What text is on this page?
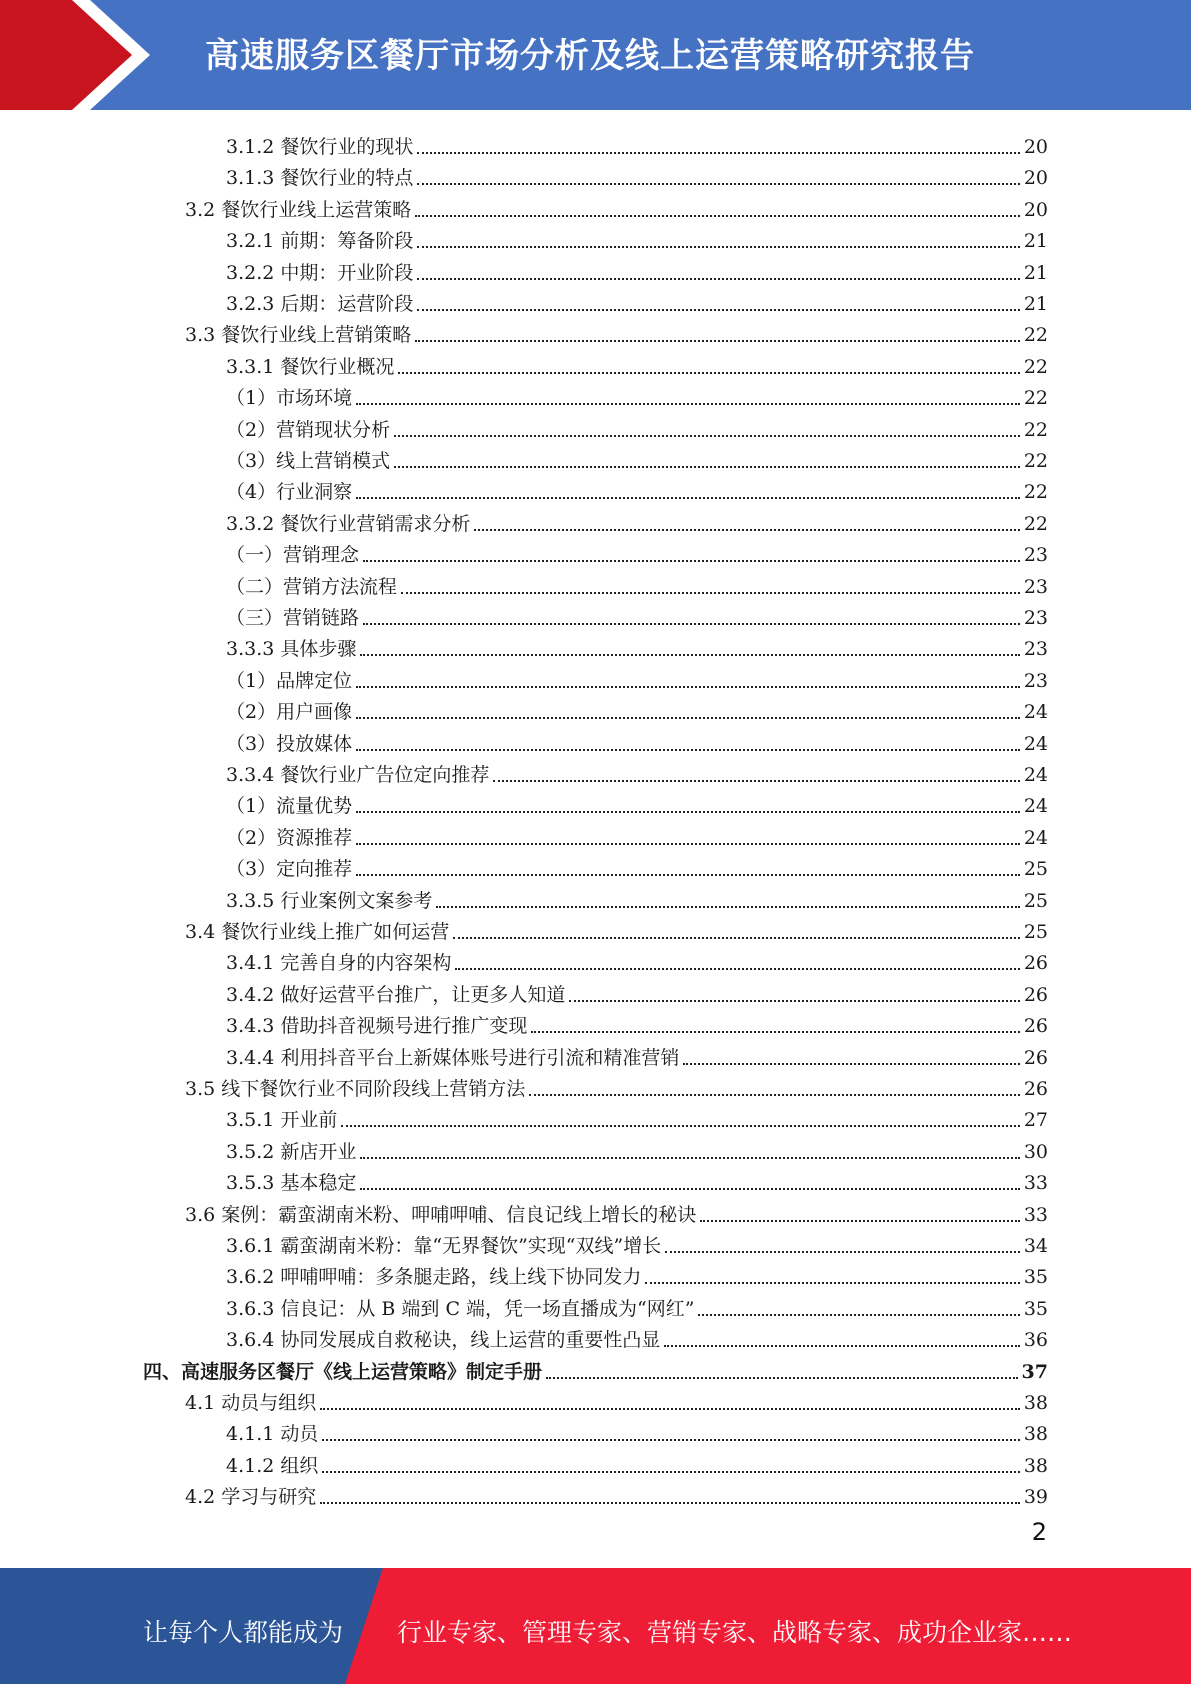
高速服务区餐厅市场分析及线上运营策略研究报告
3.1.2 餐饮行业的现状	20
3.1.3 餐饮行业的特点	20
3.2 餐饮行业线上运营策略	20
3.2.1 前期：筹备阶段	21
3.2.2 中期：开业阶段	21
3.2.3 后期：运营阶段	21
3.3 餐饮行业线上营销策略	22
3.3.1 餐饮行业概况	22
（1）市场环境	22
（2）营销现状分析	22
（3）线上营销模式	22
（4）行业洞察	22
3.3.2 餐饮行业营销需求分析	22
（一）营销理念	23
（二）营销方法流程	23
（三）营销链路	23
3.3.3 具体步骤	23
（1）品牌定位	23
（2）用户画像	24
（3）投放媒体	24
3.3.4 餐饮行业广告位定向推荐	24
（1）流量优势	24
（2）资源推荐	24
（3）定向推荐	25
3.3.5 行业案例文案参考	25
3.4 餐饮行业线上推广如何运营	25
3.4.1 完善自身的内容架构	26
3.4.2 做好运营平台推广，让更多人知道	26
3.4.3 借助抖音视频号进行推广变现	26
3.4.4 利用抖音平台上新媒体账号进行引流和精准营销	26
3.5 线下餐饮行业不同阶段线上营销方法	26
3.5.1 开业前	27
3.5.2 新店开业	30
3.5.3 基本稳定	33
3.6 案例：霸蛮湖南米粉、呷哺呷哺、信良记线上增长的秘诀	33
3.6.1 霸蛮湖南米粉：靠“无界餐饮”实现“双线”增长	34
3.6.2 呷哺呷哺：多条腿走路，线上线下协同发力	35
3.6.3 信良记：从 B 端到 C 端，凭一场直播成为“网红”	35
3.6.4 协同发展成自救秘诀，线上运营的重要性凸显	36
四、高速服务区餐厅《线上运营策略》制定手册	37
4.1 动员与组织	38
4.1.1 动员	38
4.1.2 组织	38
4.2 学习与研究	39
2
让每个人都能成为 行业专家、管理专家、营销专家、战略专家、成功企业家……
